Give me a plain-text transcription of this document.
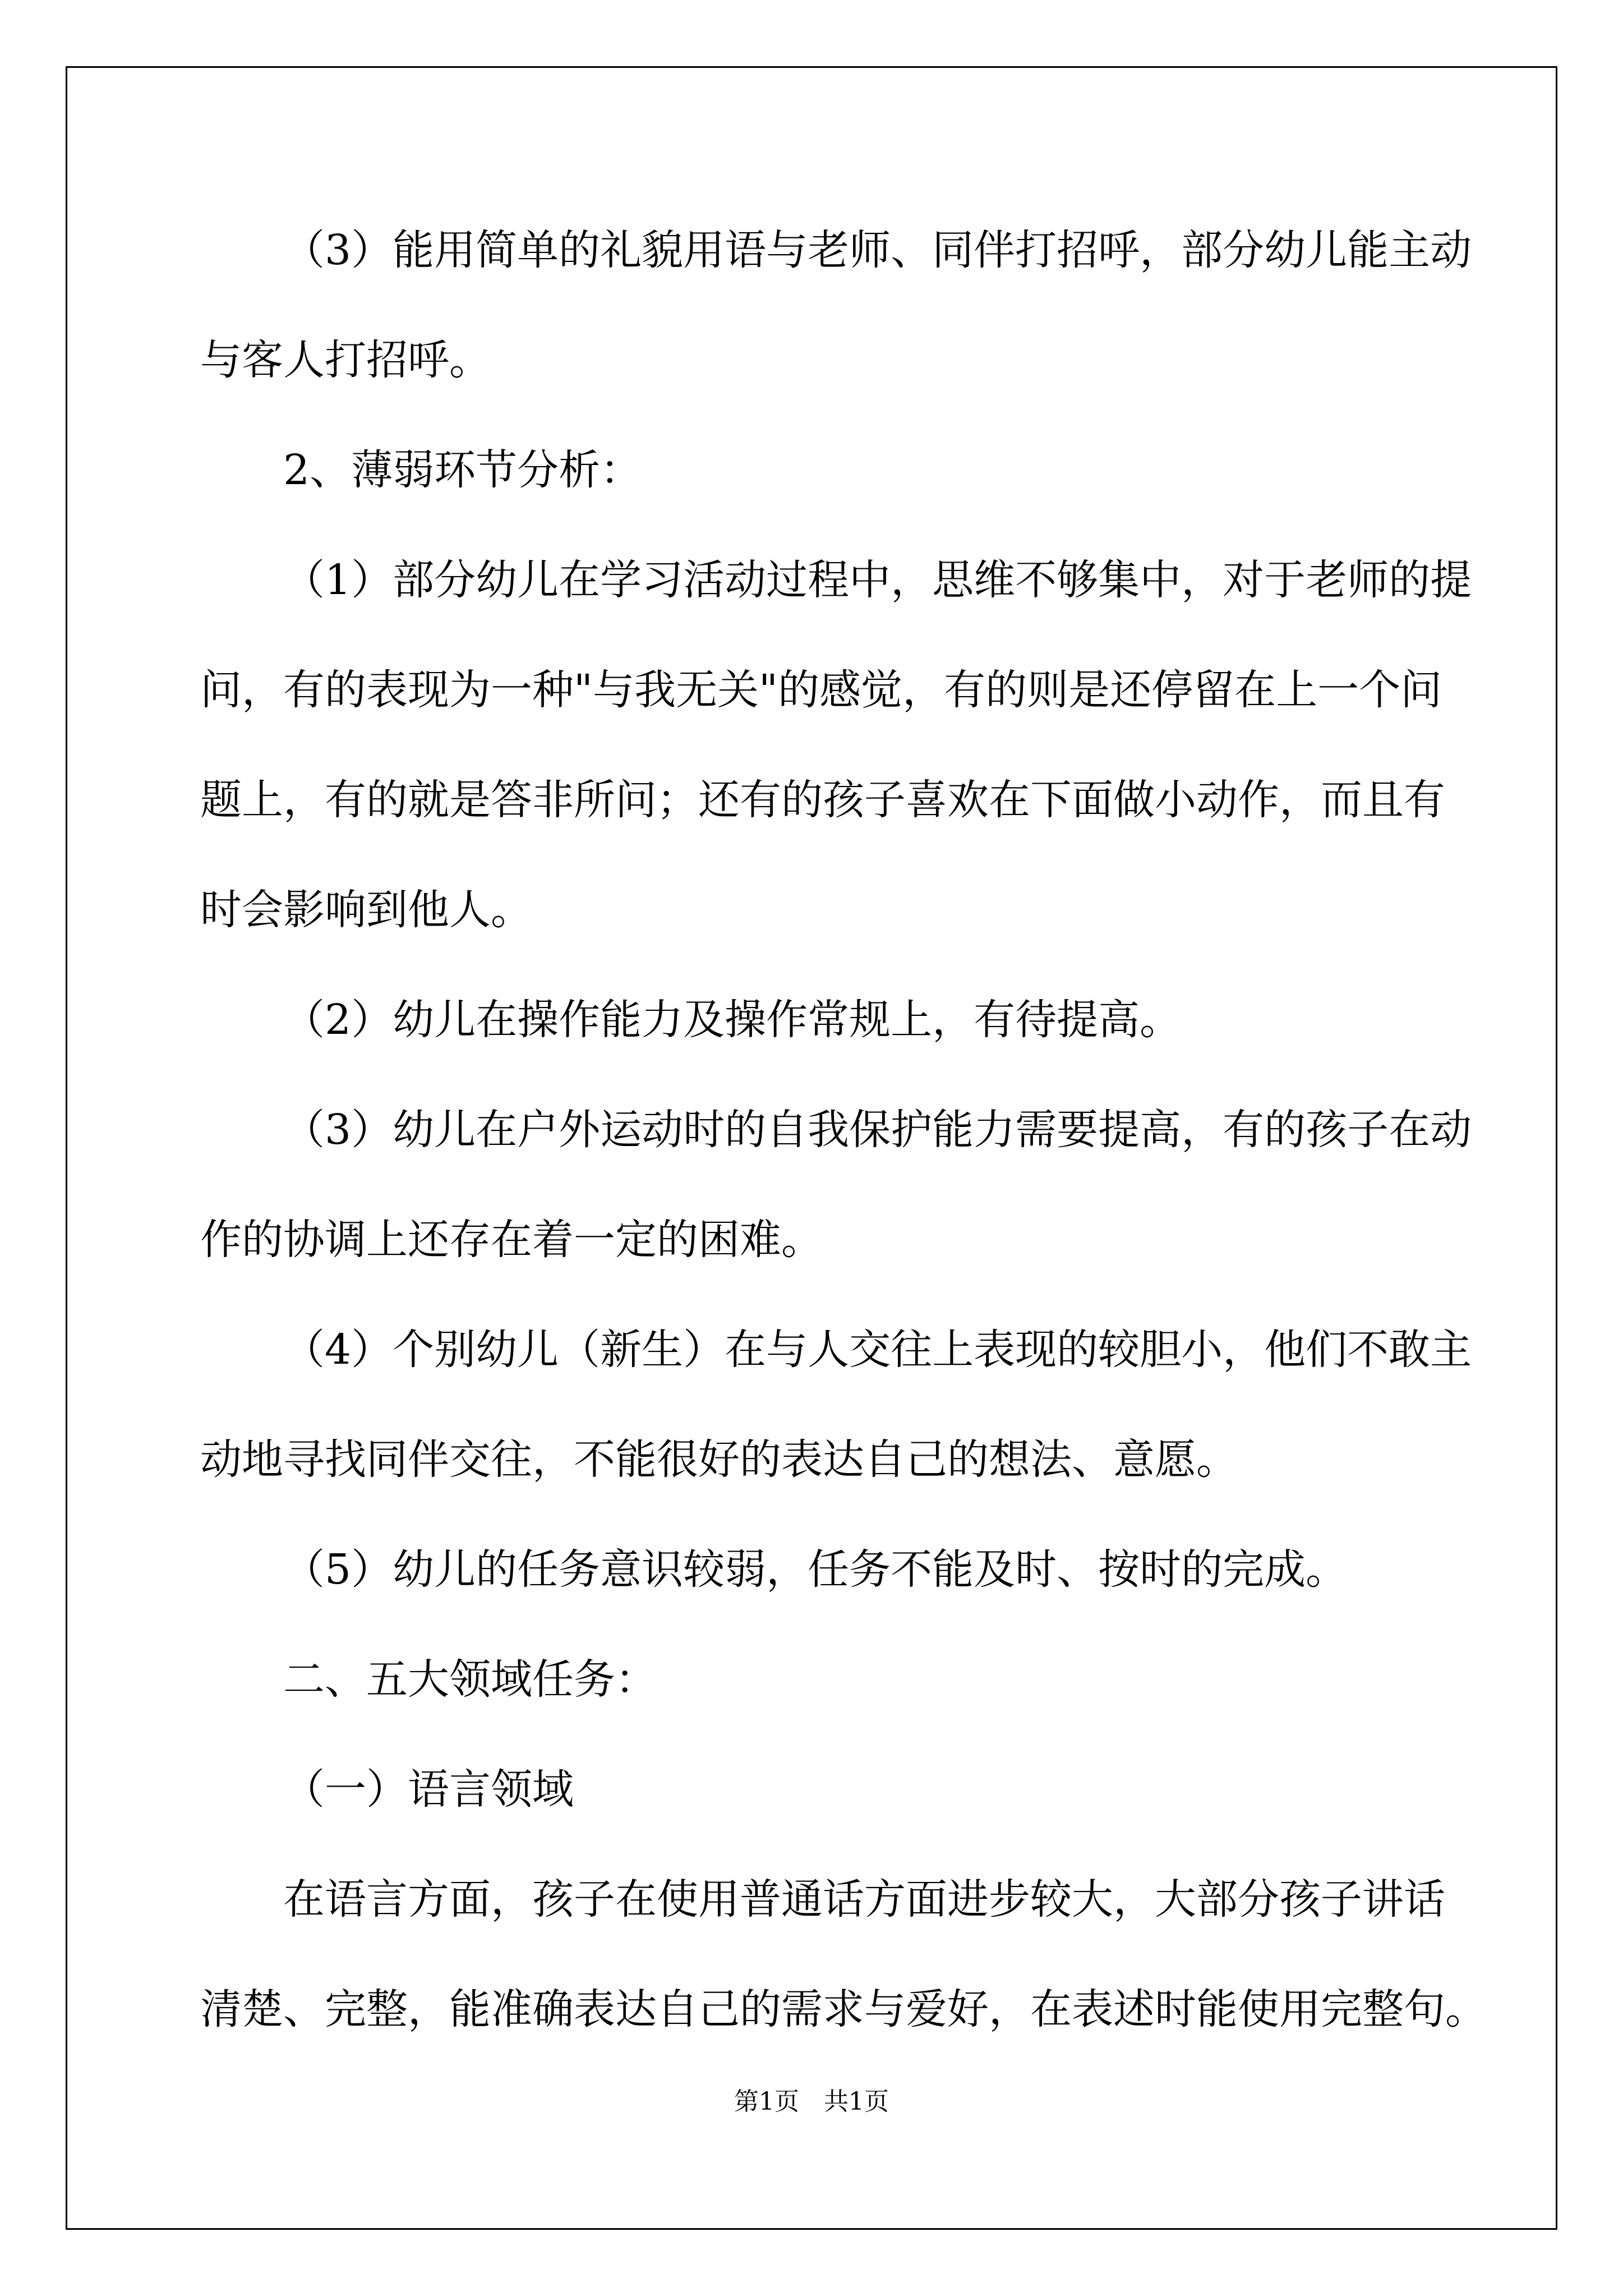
（3）能用简单的礼貌用语与老师、同伴打招呼，部分幼儿能主动
与客人打招呼。

2、薄弱环节分析：

（1）部分幼儿在学习活动过程中，思维不够集中，对于老师的提
问，有的表现为一种"与我无关"的感觉，有的则是还停留在上一个问
题上，有的就是答非所问；还有的孩子喜欢在下面做小动作，而且有
时会影响到他人。

（2）幼儿在操作能力及操作常规上，有待提高。

（3）幼儿在户外运动时的自我保护能力需要提高，有的孩子在动
作的协调上还存在着一定的困难。

（4）个别幼儿（新生）在与人交往上表现的较胆小，他们不敢主
动地寻找同伴交往，不能很好的表达自己的想法、意愿。

（5）幼儿的任务意识较弱，任务不能及时、按时的完成。

二、五大领域任务：

（一）语言领域

在语言方面，孩子在使用普通话方面进步较大，大部分孩子讲话
清楚、完整，能准确表达自己的需求与爱好，在表述时能使用完整句。

第1页　共1页
